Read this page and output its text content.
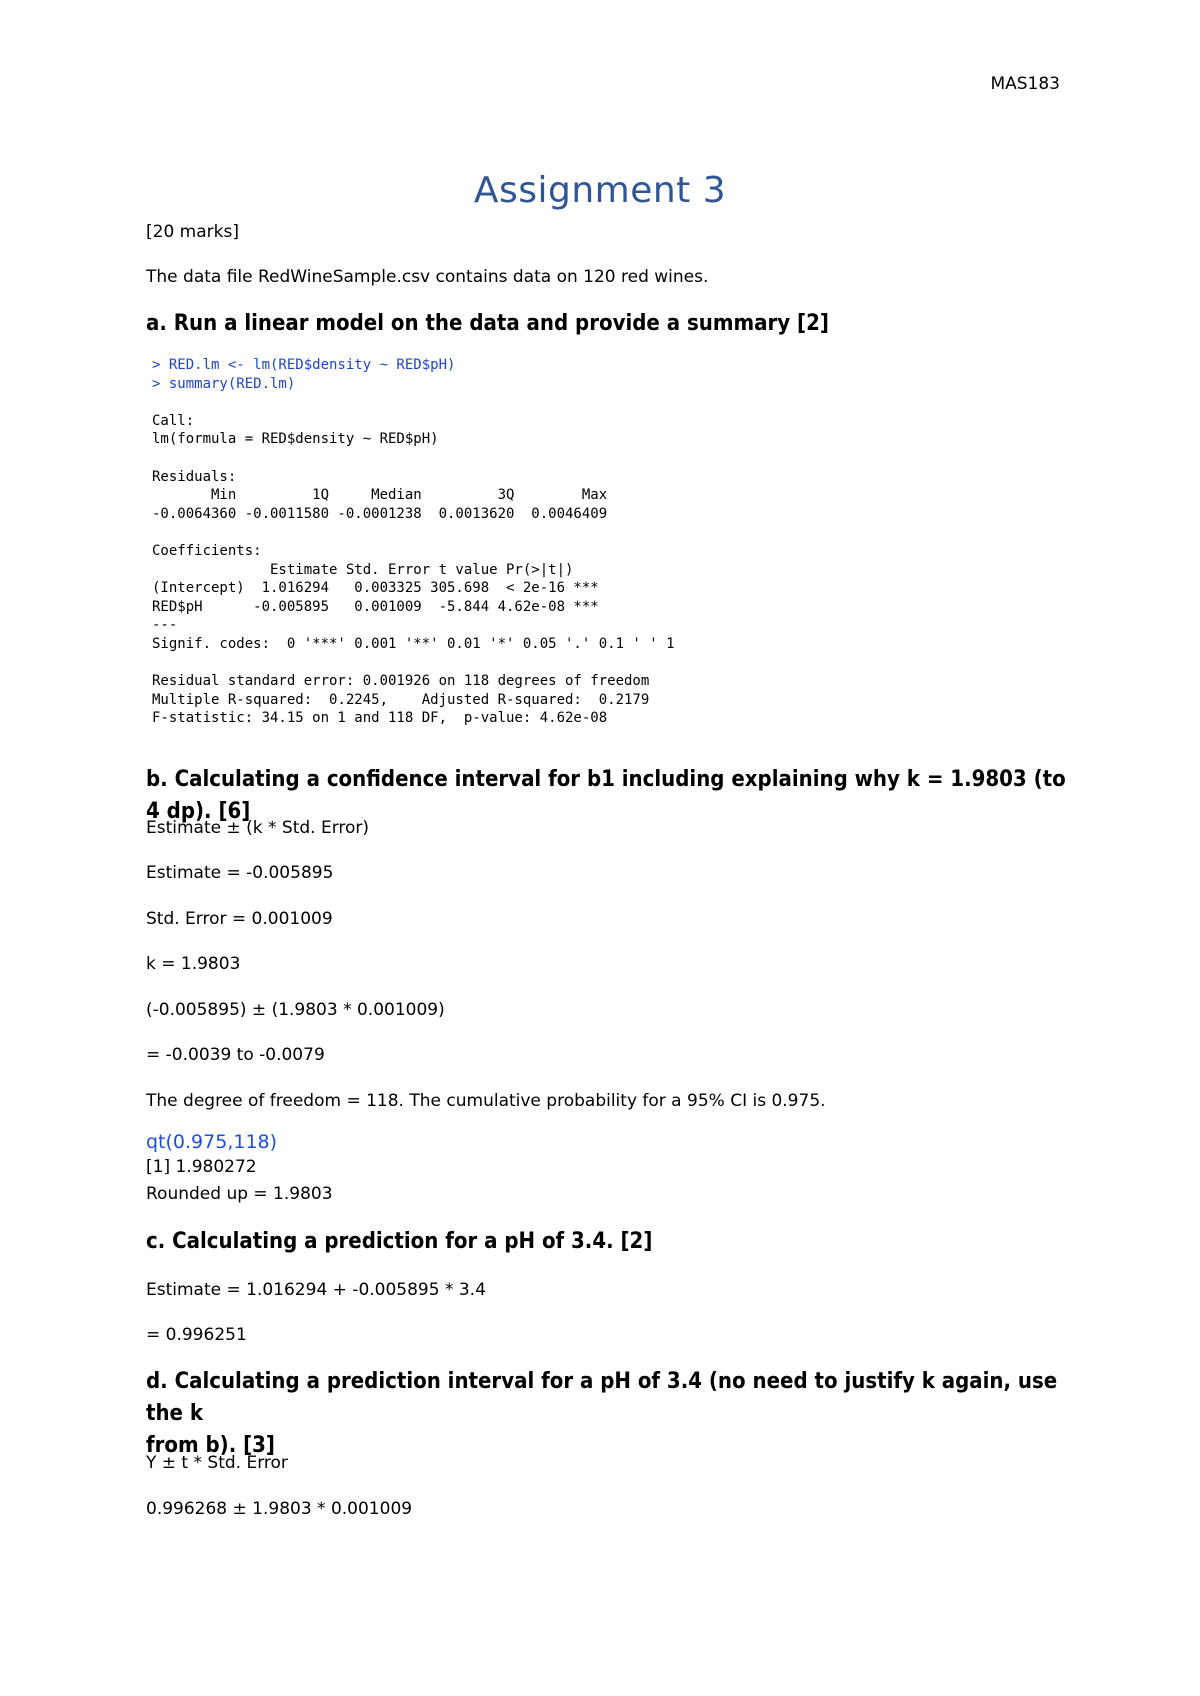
MAS183
Assignment 3

[20 marks]

The data file RedWineSample.csv contains data on 120 red wines.

a. Run a linear model on the data and provide a summary [2]

> RED.lm <- lm(RED$density ~ RED$pH)

> summary(RED.lm)

Call:

lm(formula = RED$density ~ RED$pH)

Residuals:

Min         1Q     Median         3Q        Max

-0.0064360 -0.0011580 -0.0001238  0.0013620  0.0046409

Coefficients:

Estimate Std. Error t value Pr(>|t|)

(Intercept)  1.016294   0.003325 305.698  < 2e-16 ***

RED$pH      -0.005895   0.001009  -5.844 4.62e-08 ***

---

Signif. codes:  0 '***' 0.001 '**' 0.01 '*' 0.05 '.' 0.1 ' ' 1

Residual standard error: 0.001926 on 118 degrees of freedom

Multiple R-squared:  0.2245,	Adjusted R-squared:  0.2179

F-statistic: 34.15 on 1 and 118 DF,  p-value: 4.62e-08

b. Calculating a confidence interval for b1 including explaining why k = 1.9803 (to 4 dp). [6]

Estimate ± (k * Std. Error)

Estimate = -0.005895

Std. Error = 0.001009

k = 1.9803

(-0.005895) ± (1.9803 * 0.001009)

= -0.0039 to -0.0079

The degree of freedom = 118. The cumulative probability for a 95% CI is 0.975.

qt(0.975,118)

[1] 1.980272

Rounded up = 1.9803

c. Calculating a prediction for a pH of 3.4. [2]

Estimate = 1.016294 + -0.005895 * 3.4

= 0.996251

d. Calculating a prediction interval for a pH of 3.4 (no need to justify k again, use the k

from b). [3]

Y ± t * Std. Error

0.996268 ± 1.9803 * 0.001009
